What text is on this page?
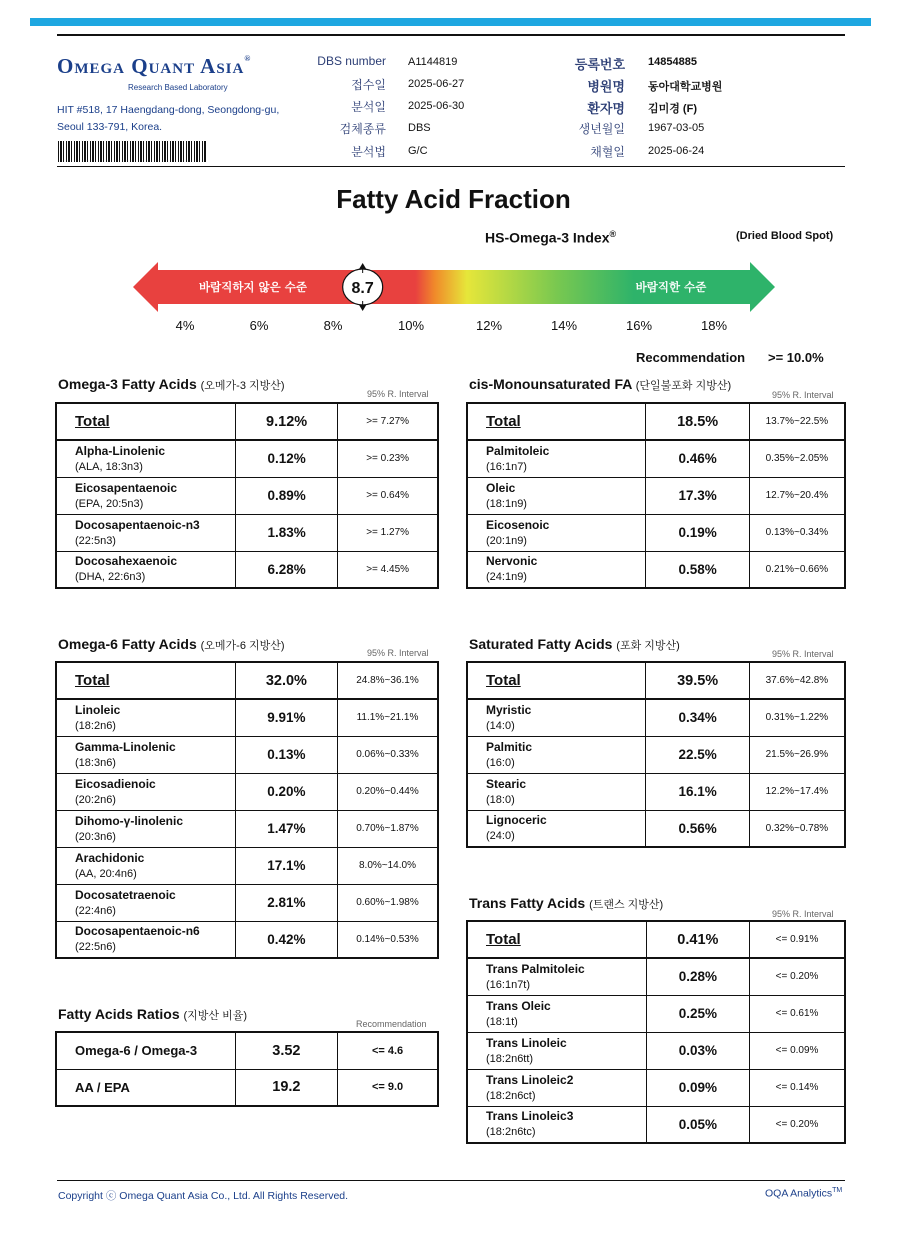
Omega Quant Asia®
Research Based Laboratory
HIT #518, 17 Haengdang-dong, Seongdong-gu,
Seoul 133-791, Korea.
DBS number A1144819
접수일 2025-06-27
분석일 2025-06-30
검체종류 DBS
분석법 G/C
등록번호 14854885
병원명 동아대학교병원
환자명 김미경 (F)
생년월일 1967-03-05
채혈일 2025-06-24
Fatty Acid Fraction
HS-Omega-3 Index®	(Dried Blood Spot)
바람직하지 않은 수준	바람직한 수준
8.7
4%	6%	8%	10%	12%	14%	16%	18%
Recommendation >= 10.0%
Omega-3 Fatty Acids (오메가-3 지방산)
95% R. Interval
cis-Monounsaturated FA (단일불포화 지방산)
95% R. Interval
Omega-6 Fatty Acids (오메가-6 지방산)
95% R. Interval
Saturated Fatty Acids (포화 지방산)
95% R. Interval
Trans Fatty Acids (트랜스 지방산)
95% R. Interval
Fatty Acids Ratios (지방산 비율)
Recommendation
Total	9.12%	>= 7.27%
Alpha-Linolenic
(ALA, 18:3n3)	0.12%	>= 0.23%
Eicosapentaenoic
(EPA, 20:5n3)	0.89%	>= 0.64%
Docosapentaenoic-n3
(22:5n3)	1.83%	>= 1.27%
Docosahexaenoic
(DHA, 22:6n3)	6.28%	>= 4.45%
Total	18.5%	13.7%~22.5%
Palmitoleic
(16:1n7)	0.46%	0.35%~2.05%
Oleic
(18:1n9)	17.3%	12.7%~20.4%
Eicosenoic
(20:1n9)	0.19%	0.13%~0.34%
Nervonic
(24:1n9)	0.58%	0.21%~0.66%
Total	32.0%	24.8%~36.1%
Linoleic
(18:2n6)	9.91%	11.1%~21.1%
Gamma-Linolenic
(18:3n6)	0.13%	0.06%~0.33%
Eicosadienoic
(20:2n6)	0.20%	0.20%~0.44%
Dihomo-γ-linolenic
(20:3n6)	1.47%	0.70%~1.87%
Arachidonic
(AA, 20:4n6)	17.1%	8.0%~14.0%
Docosatetraenoic
(22:4n6)	2.81%	0.60%~1.98%
Docosapentaenoic-n6
(22:5n6)	0.42%	0.14%~0.53%
Total	39.5%	37.6%~42.8%
Myristic
(14:0)	0.34%	0.31%~1.22%
Palmitic
(16:0)	22.5%	21.5%~26.9%
Stearic
(18:0)	16.1%	12.2%~17.4%
Lignoceric
(24:0)	0.56%	0.32%~0.78%
Total	0.41%	<= 0.91%
Trans Palmitoleic
(16:1n7t)	0.28%	<= 0.20%
Trans Oleic
(18:1t)	0.25%	<= 0.61%
Trans Linoleic
(18:2n6tt)	0.03%	<= 0.09%
Trans Linoleic2
(18:2n6ct)	0.09%	<= 0.14%
Trans Linoleic3
(18:2n6tc)	0.05%	<= 0.20%
Omega-6 / Omega-3	3.52	<= 4.6
AA / EPA	19.2	<= 9.0
Copyright ⓒ Omega Quant Asia Co., Ltd. All Rights Reserved.	OQA Analytics™
